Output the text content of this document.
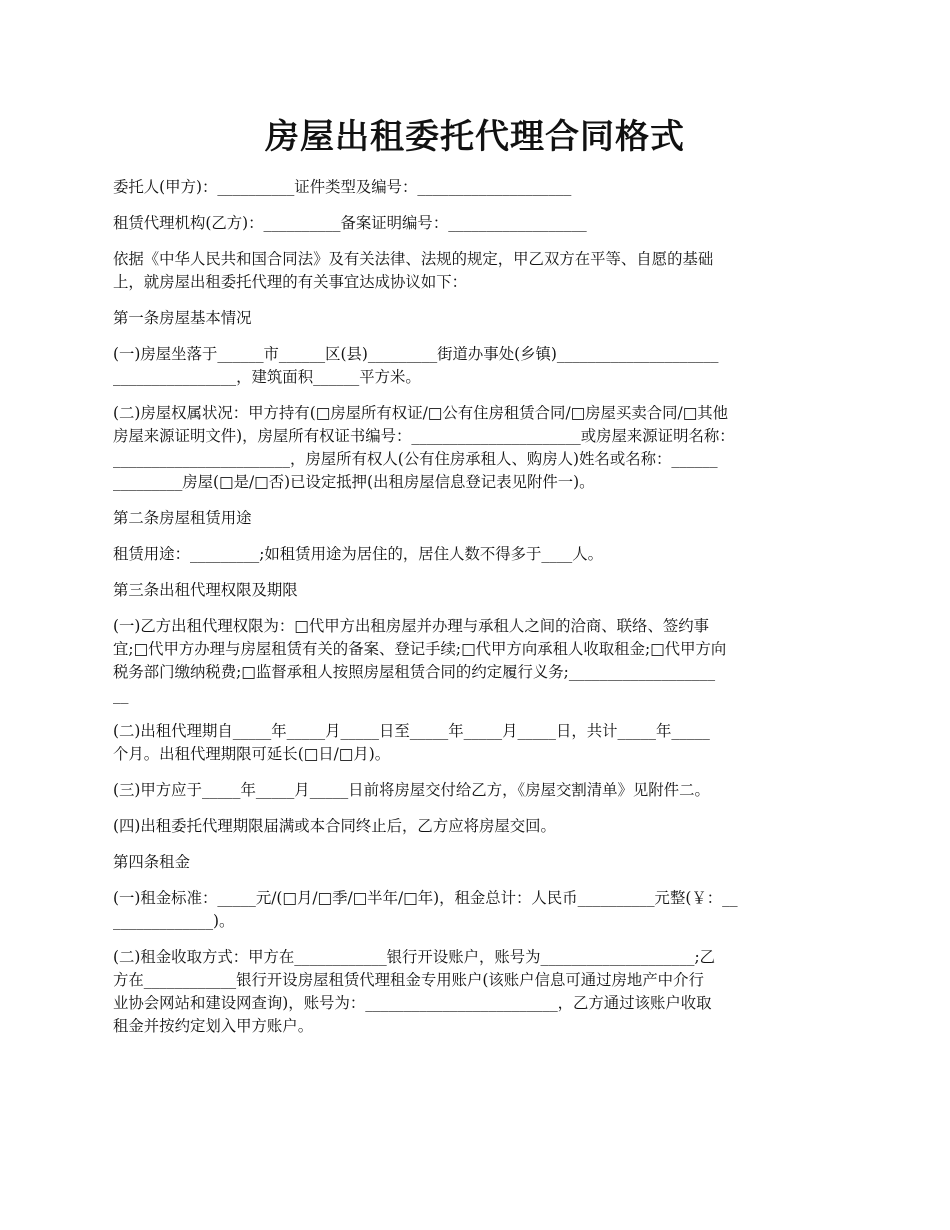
房屋出租委托代理合同格式
委托人(甲方)：__________证件类型及编号：____________________
租赁代理机构(乙方)：__________备案证明编号：__________________
依据《中华人民共和国合同法》及有关法律、法规的规定，甲乙双方在平等、自愿的基础
上，就房屋出租委托代理的有关事宜达成协议如下：
第一条房屋基本情况
(一)房屋坐落于______市______区(县)_________街道办事处(乡镇)_____________________
________________，建筑面积______平方米。
(二)房屋权属状况：甲方持有(□房屋所有权证/□公有住房租赁合同/□房屋买卖合同/□其他
房屋来源证明文件)，房屋所有权证书编号：______________________或房屋来源证明名称：
_______________________，房屋所有权人(公有住房承租人、购房人)姓名或名称：______
_________房屋(□是/□否)已设定抵押(出租房屋信息登记表见附件一)。
第二条房屋租赁用途
租赁用途：_________;如租赁用途为居住的，居住人数不得多于____人。
第三条出租代理权限及期限
(一)乙方出租代理权限为：□代甲方出租房屋并办理与承租人之间的洽商、联络、签约事
宜;□代甲方办理与房屋租赁有关的备案、登记手续;□代甲方向承租人收取租金;□代甲方向
税务部门缴纳税费;□监督承租人按照房屋租赁合同的约定履行义务;___________________
__
(二)出租代理期自_____年_____月_____日至_____年_____月_____日，共计_____年_____
个月。出租代理期限可延长(□日/□月)。
(三)甲方应于_____年_____月_____日前将房屋交付给乙方，《房屋交割清单》见附件二。
(四)出租委托代理期限届满或本合同终止后，乙方应将房屋交回。
第四条租金
(一)租金标准：_____元/(□月/□季/□半年/□年)，租金总计：人民币__________元整(￥：__
_____________)。
(二)租金收取方式：甲方在____________银行开设账户，账号为____________________;乙
方在____________银行开设房屋租赁代理租金专用账户(该账户信息可通过房地产中介行
业协会网站和建设网查询)，账号为：_________________________，乙方通过该账户收取
租金并按约定划入甲方账户。
